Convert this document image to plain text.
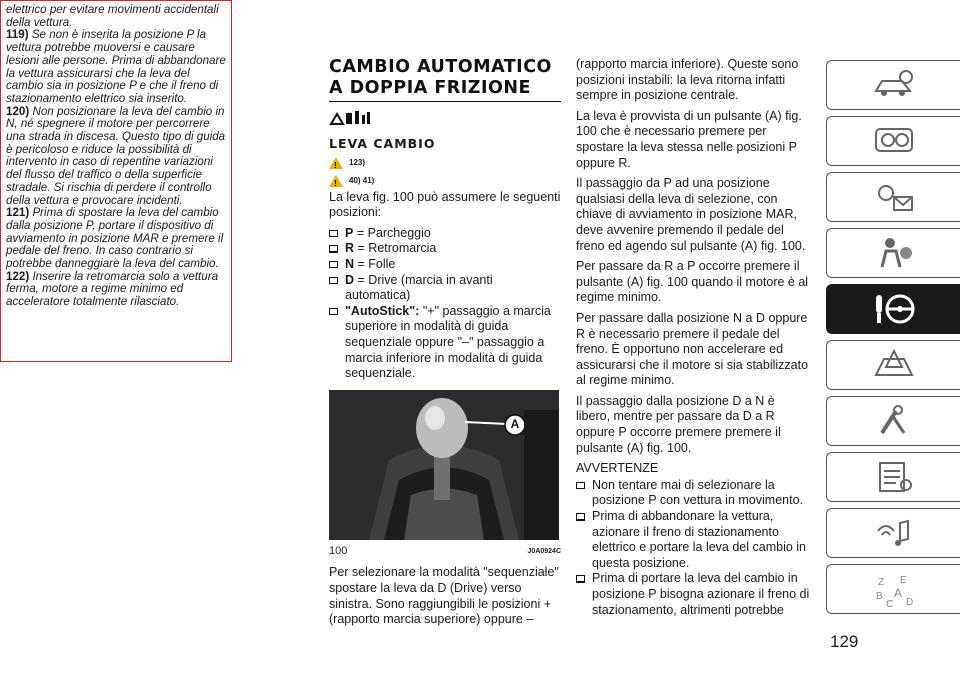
elettrico per evitare movimenti accidentali della vettura.

119) Se non è inserita la posizione P la vettura potrebbe muoversi e causare lesioni alle persone. Prima di abbandonare la vettura assicurarsi che la leva del cambio sia in posizione P e che il freno di stazionamento elettrico sia inserito.

120) Non posizionare la leva del cambio in N, né spegnere il motore per percorrere una strada in discesa. Questo tipo di guida è pericoloso e riduce la possibilità di intervento in caso di repentine variazioni del flusso del traffico o della superficie stradale. Si rischia di perdere il controllo della vettura e provocare incidenti.

121) Prima di spostare la leva del cambio dalla posizione P, portare il dispositivo di avviamento in posizione MAR e premere il pedale del freno. In caso contrario si potrebbe danneggiare la leva del cambio.

122) Inserire la retromarcia solo a vettura ferma, motore a regime minimo ed acceleratore totalmente rilasciato.

CAMBIO AUTOMATICO A DOPPIA FRIZIONE
LEVA CAMBIO
!
123)
!
40) 41)

La leva fig. 100 può assumere le seguenti posizioni:

P = Parcheggio
R = Retromarcia
N = Folle
D = Drive (marcia in avanti automatica)
"AutoStick": "+" passaggio a marcia superiore in modalità di guida sequenziale oppure "–" passaggio a marcia inferiore in modalità di guida sequenziale.
A
100	J0A0924C

Per selezionare la modalità "sequenziale" spostare la leva da D (Drive) verso sinistra. Sono raggiungibili le posizioni + (rapporto marcia superiore) oppure –

(rapporto marcia inferiore). Queste sono posizioni instabili: la leva ritorna infatti sempre in posizione centrale.

La leva è provvista di un pulsante (A) fig. 100 che è necessario premere per spostare la leva stessa nelle posizioni P oppure R.

Il passaggio da P ad una posizione qualsiasi della leva di selezione, con chiave di avviamento in posizione MAR, deve avvenire premendo il pedale del freno ed agendo sul pulsante (A) fig. 100.

Per passare da R a P occorre premere il pulsante (A) fig. 100 quando il motore è al regime minimo.

Per passare dalla posizione N a D oppure R è necessario premere il pedale del freno. È opportuno non accelerare ed assicurarsi che il motore si sia stabilizzato al regime minimo.

Il passaggio dalla posizione D a N è libero, mentre per passare da D a R oppure P occorre premere premere il pulsante (A) fig. 100.

AVVERTENZE

Non tentare mai di selezionare la posizione P con vettura in movimento.
Prima di abbandonare la vettura, azionare il freno di stazionamento elettrico e portare la leva del cambio in questa posizione.
Prima di portare la leva del cambio in posizione P bisogna azionare il freno di stazionamento, altrimenti potrebbe
Z E
B A
C D
129
